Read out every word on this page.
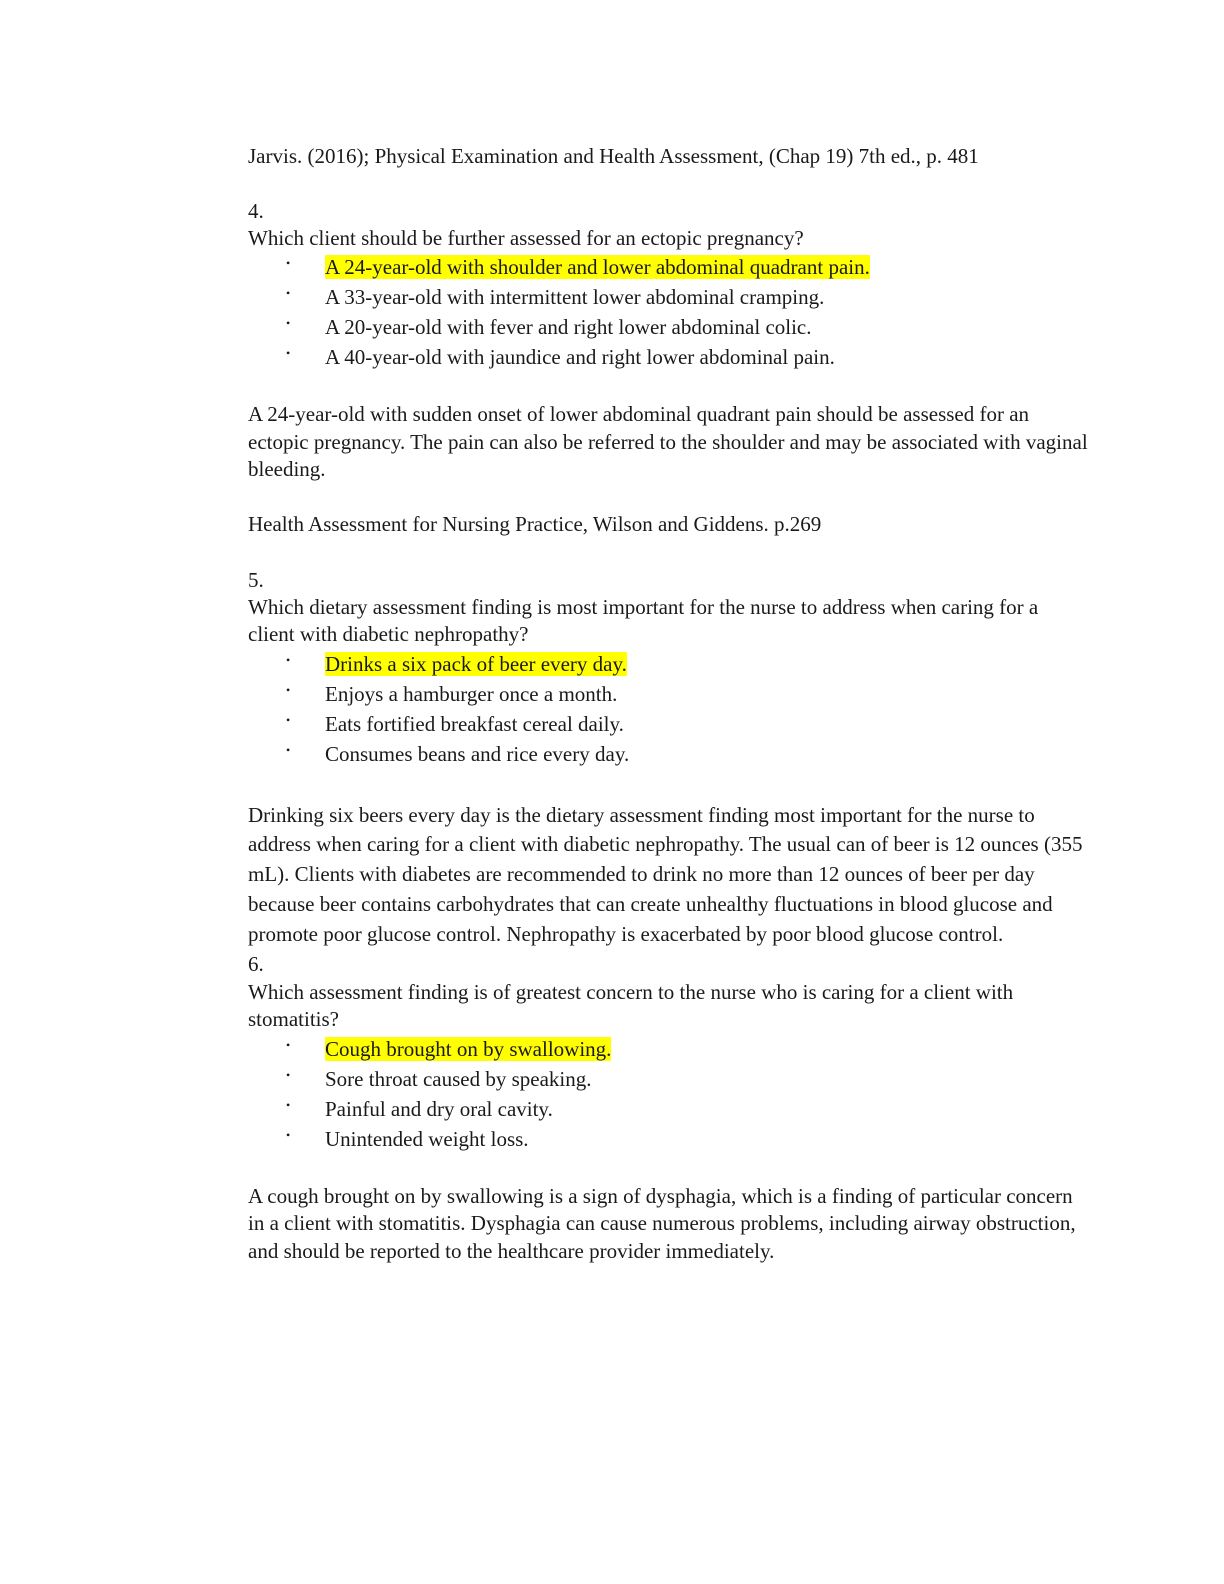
Jarvis. (2016); Physical Examination and Health Assessment, (Chap 19) 7th ed., p. 481

4.

Which client should be further assessed for an ectopic pregnancy?

• A 24-year-old with shoulder and lower abdominal quadrant pain.
• A 33-year-old with intermittent lower abdominal cramping.
• A 20-year-old with fever and right lower abdominal colic.
• A 40-year-old with jaundice and right lower abdominal pain.

A 24-year-old with sudden onset of lower abdominal quadrant pain should be assessed for an ectopic pregnancy. The pain can also be referred to the shoulder and may be associated with vaginal bleeding.

Health Assessment for Nursing Practice, Wilson and Giddens. p.269

5.

Which dietary assessment finding is most important for the nurse to address when caring for a client with diabetic nephropathy?

• Drinks a six pack of beer every day.
• Enjoys a hamburger once a month.
• Eats fortified breakfast cereal daily.
• Consumes beans and rice every day.

Drinking six beers every day is the dietary assessment finding most important for the nurse to address when caring for a client with diabetic nephropathy. The usual can of beer is 12 ounces (355 mL). Clients with diabetes are recommended to drink no more than 12 ounces of beer per day because beer contains carbohydrates that can create unhealthy fluctuations in blood glucose and promote poor glucose control. Nephropathy is exacerbated by poor blood glucose control.

6.

Which assessment finding is of greatest concern to the nurse who is caring for a client with stomatitis?

• Cough brought on by swallowing.
• Sore throat caused by speaking.
• Painful and dry oral cavity.
• Unintended weight loss.

A cough brought on by swallowing is a sign of dysphagia, which is a finding of particular concern in a client with stomatitis. Dysphagia can cause numerous problems, including airway obstruction, and should be reported to the healthcare provider immediately.
